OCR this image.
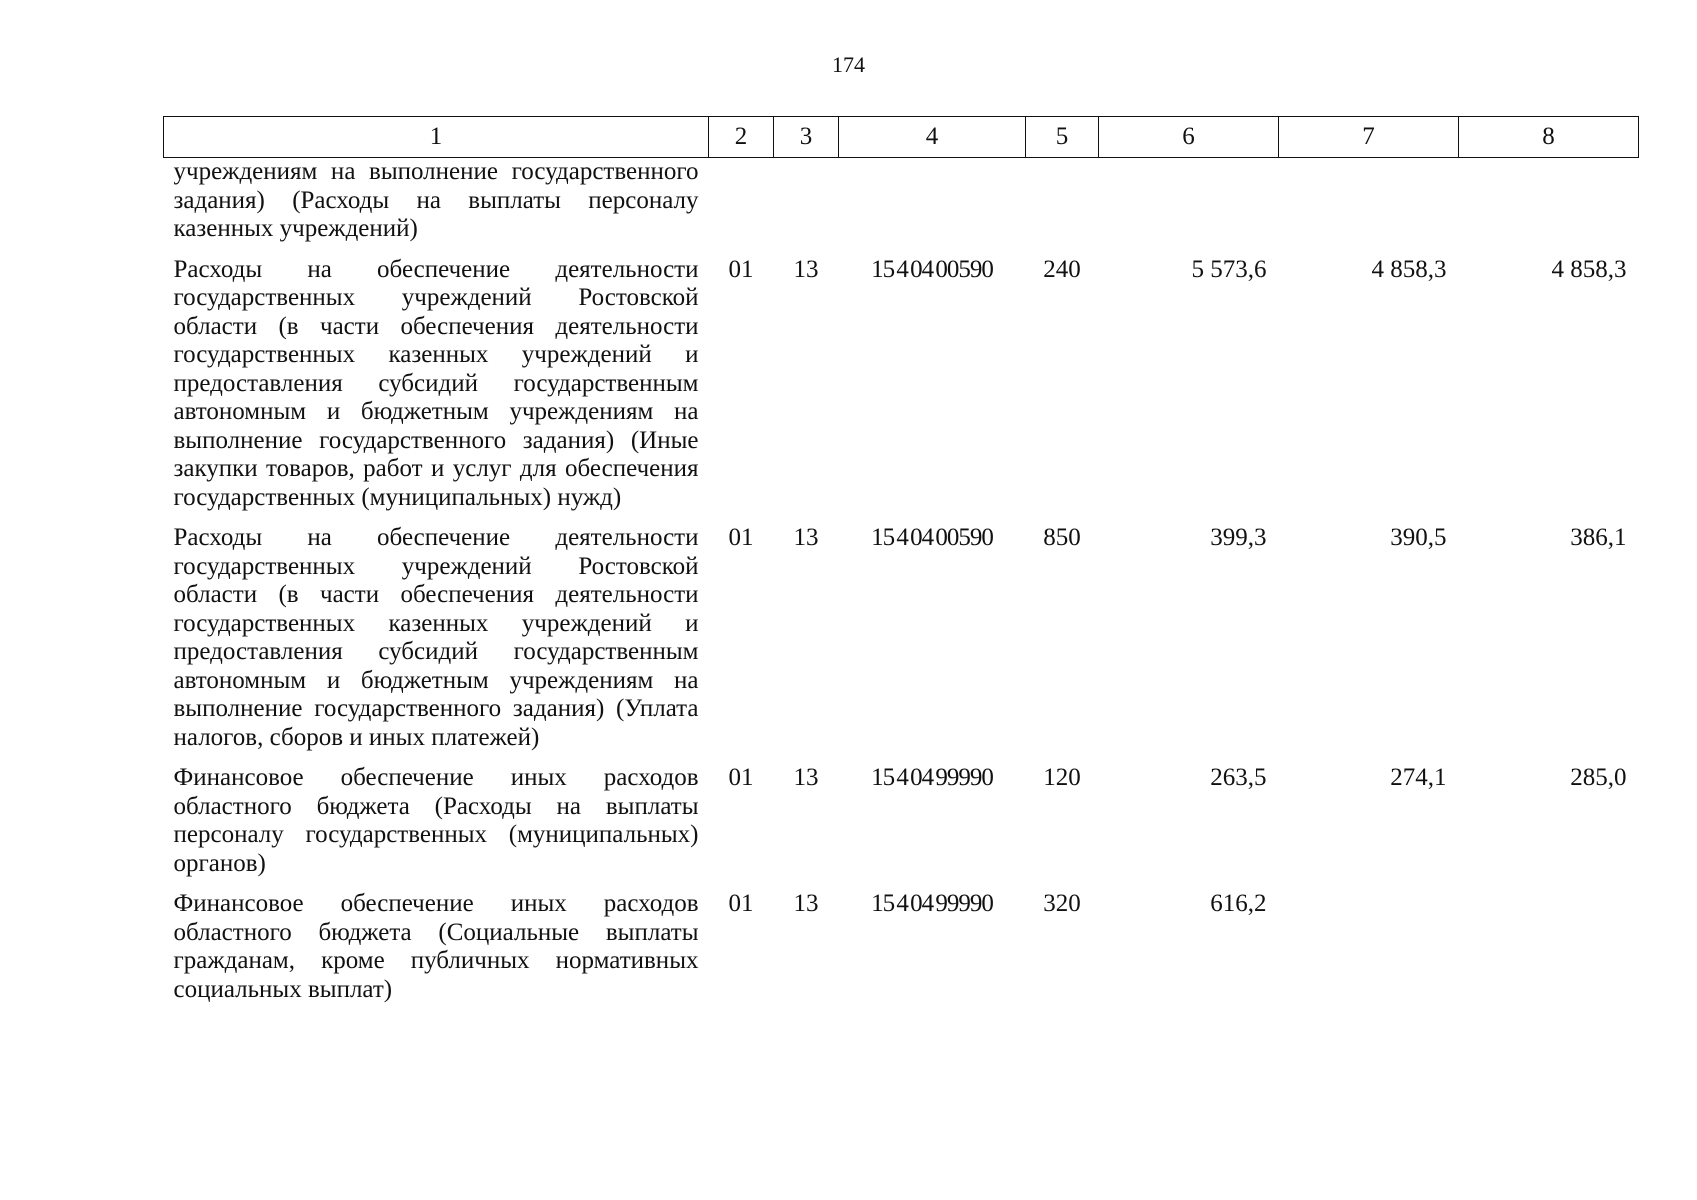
174
1	2	3	4	5	6	7	8
учреждениям на выполнение государственного задания) (Расходы на выплаты персоналу казенных учреждений)							
Расходы на обеспечение деятельности государственных учреждений Ростовской области (в части обеспечения деятельности государственных казенных учреждений и предоставления субсидий государственным автономным и бюджетным учреждениям на выполнение государственного задания) (Иные закупки товаров, работ и услуг для обеспечения государственных (муниципальных) нужд)	01	13	15 4 04 00590	240	5 573,6	4 858,3	4 858,3
Расходы на обеспечение деятельности государственных учреждений Ростовской области (в части обеспечения деятельности государственных казенных учреждений и предоставления субсидий государственным автономным и бюджетным учреждениям на выполнение государственного задания) (Уплата налогов, сборов и иных платежей)	01	13	15 4 04 00590	850	399,3	390,5	386,1
Финансовое обеспечение иных расходов областного бюджета (Расходы на выплаты персоналу государственных (муниципальных) органов)	01	13	15 4 04 99990	120	263,5	274,1	285,0
Финансовое обеспечение иных расходов областного бюджета (Социальные выплаты гражданам, кроме публичных нормативных социальных выплат)	01	13	15 4 04 99990	320	616,2		
